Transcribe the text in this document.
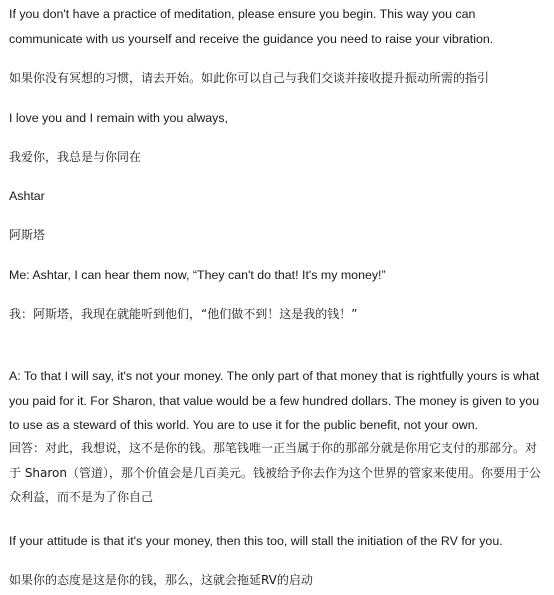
If you don't have a practice of meditation, please ensure you begin. This way you can communicate with us yourself and receive the guidance you need to raise your vibration.

如果你没有冥想的习惯，请去开始。如此你可以自己与我们交谈并接收提升振动所需的指引

I love you and I remain with you always,

我爱你，我总是与你同在

Ashtar

阿斯塔

Me: Ashtar, I can hear them now, “They can't do that! It's my money!”

我：阿斯塔，我现在就能听到他们，“他们做不到！这是我的钱！”

A: To that I will say, it's not your money. The only part of that money that is rightfully yours is what you paid for it. For Sharon, that value would be a few hundred dollars. The money is given to you to use as a steward of this world. You are to use it for the public benefit, not your own.

回答：对此，我想说，这不是你的钱。那笔钱唯一正当属于你的那部分就是你用它支付的那部分。对于 Sharon（管道），那个价值会是几百美元。钱被给予你去作为这个世界的管家来使用。你要用于公众利益，而不是为了你自己

If your attitude is that it's your money, then this too, will stall the initiation of the RV for you.

如果你的态度是这是你的钱，那么，这就会拖延RV的启动
